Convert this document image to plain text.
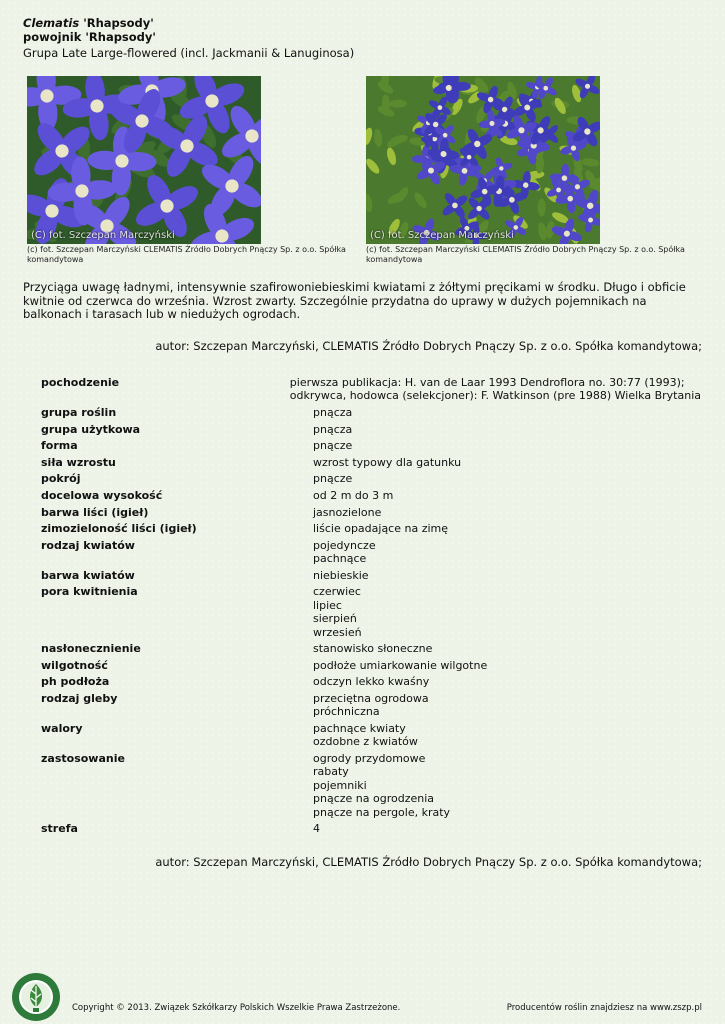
Clematis 'Rhapsody'
powojnik 'Rhapsody'
Grupa Late Large-flowered (incl. Jackmanii & Lanuginosa)
(C) fot. Szczepan Marczyński
(c) fot. Szczepan Marczyński CLEMATIS Źródło Dobrych Pnączy Sp. z o.o. Spółka komandytowa
(C) fot. Szczepan Marczyński
(c) fot. Szczepan Marczyński CLEMATIS Źródło Dobrych Pnączy Sp. z o.o. Spółka komandytowa
Przyciąga uwagę ładnymi, intensywnie szafirowoniebieskimi kwiatami z żółtymi pręcikami w środku. Długo i obficie kwitnie od czerwca do września. Wzrost zwarty. Szczególnie przydatna do uprawy w dużych pojemnikach na balkonach i tarasach lub w niedużych ogrodach.
autor: Szczepan Marczyński, CLEMATIS Źródło Dobrych Pnączy Sp. z o.o. Spółka komandytowa;
pochodzenie	pierwsza publikacja: H. van de Laar 1993 Dendroflora no. 30:77 (1993);
odkrywca, hodowca (selekcjoner): F. Watkinson (pre 1988) Wielka Brytania
grupa roślin	pnącza
grupa użytkowa	pnącza
forma	pnącze
siła wzrostu	wzrost typowy dla gatunku
pokrój	pnącze
docelowa wysokość	od 2 m do 3 m
barwa liści (igieł)	jasnozielone
zimozieloność liści (igieł)	liście opadające na zimę
rodzaj kwiatów	pojedyncze
pachnące
barwa kwiatów	niebieskie
pora kwitnienia	czerwiec
lipiec
sierpień
wrzesień
nasłonecznienie	stanowisko słoneczne
wilgotność	podłoże umiarkowanie wilgotne
ph podłoża	odczyn lekko kwaśny
rodzaj gleby	przeciętna ogrodowa
próchniczna
walory	pachnące kwiaty
ozdobne z kwiatów
zastosowanie	ogrody przydomowe
rabaty
pojemniki
pnącze na ogrodzenia
pnącze na pergole, kraty
strefa	4
autor: Szczepan Marczyński, CLEMATIS Źródło Dobrych Pnączy Sp. z o.o. Spółka komandytowa;
Copyright © 2013. Związek Szkółkarzy Polskich Wszelkie Prawa Zastrzeżone.	Producentów roślin znajdziesz na www.zszp.pl
